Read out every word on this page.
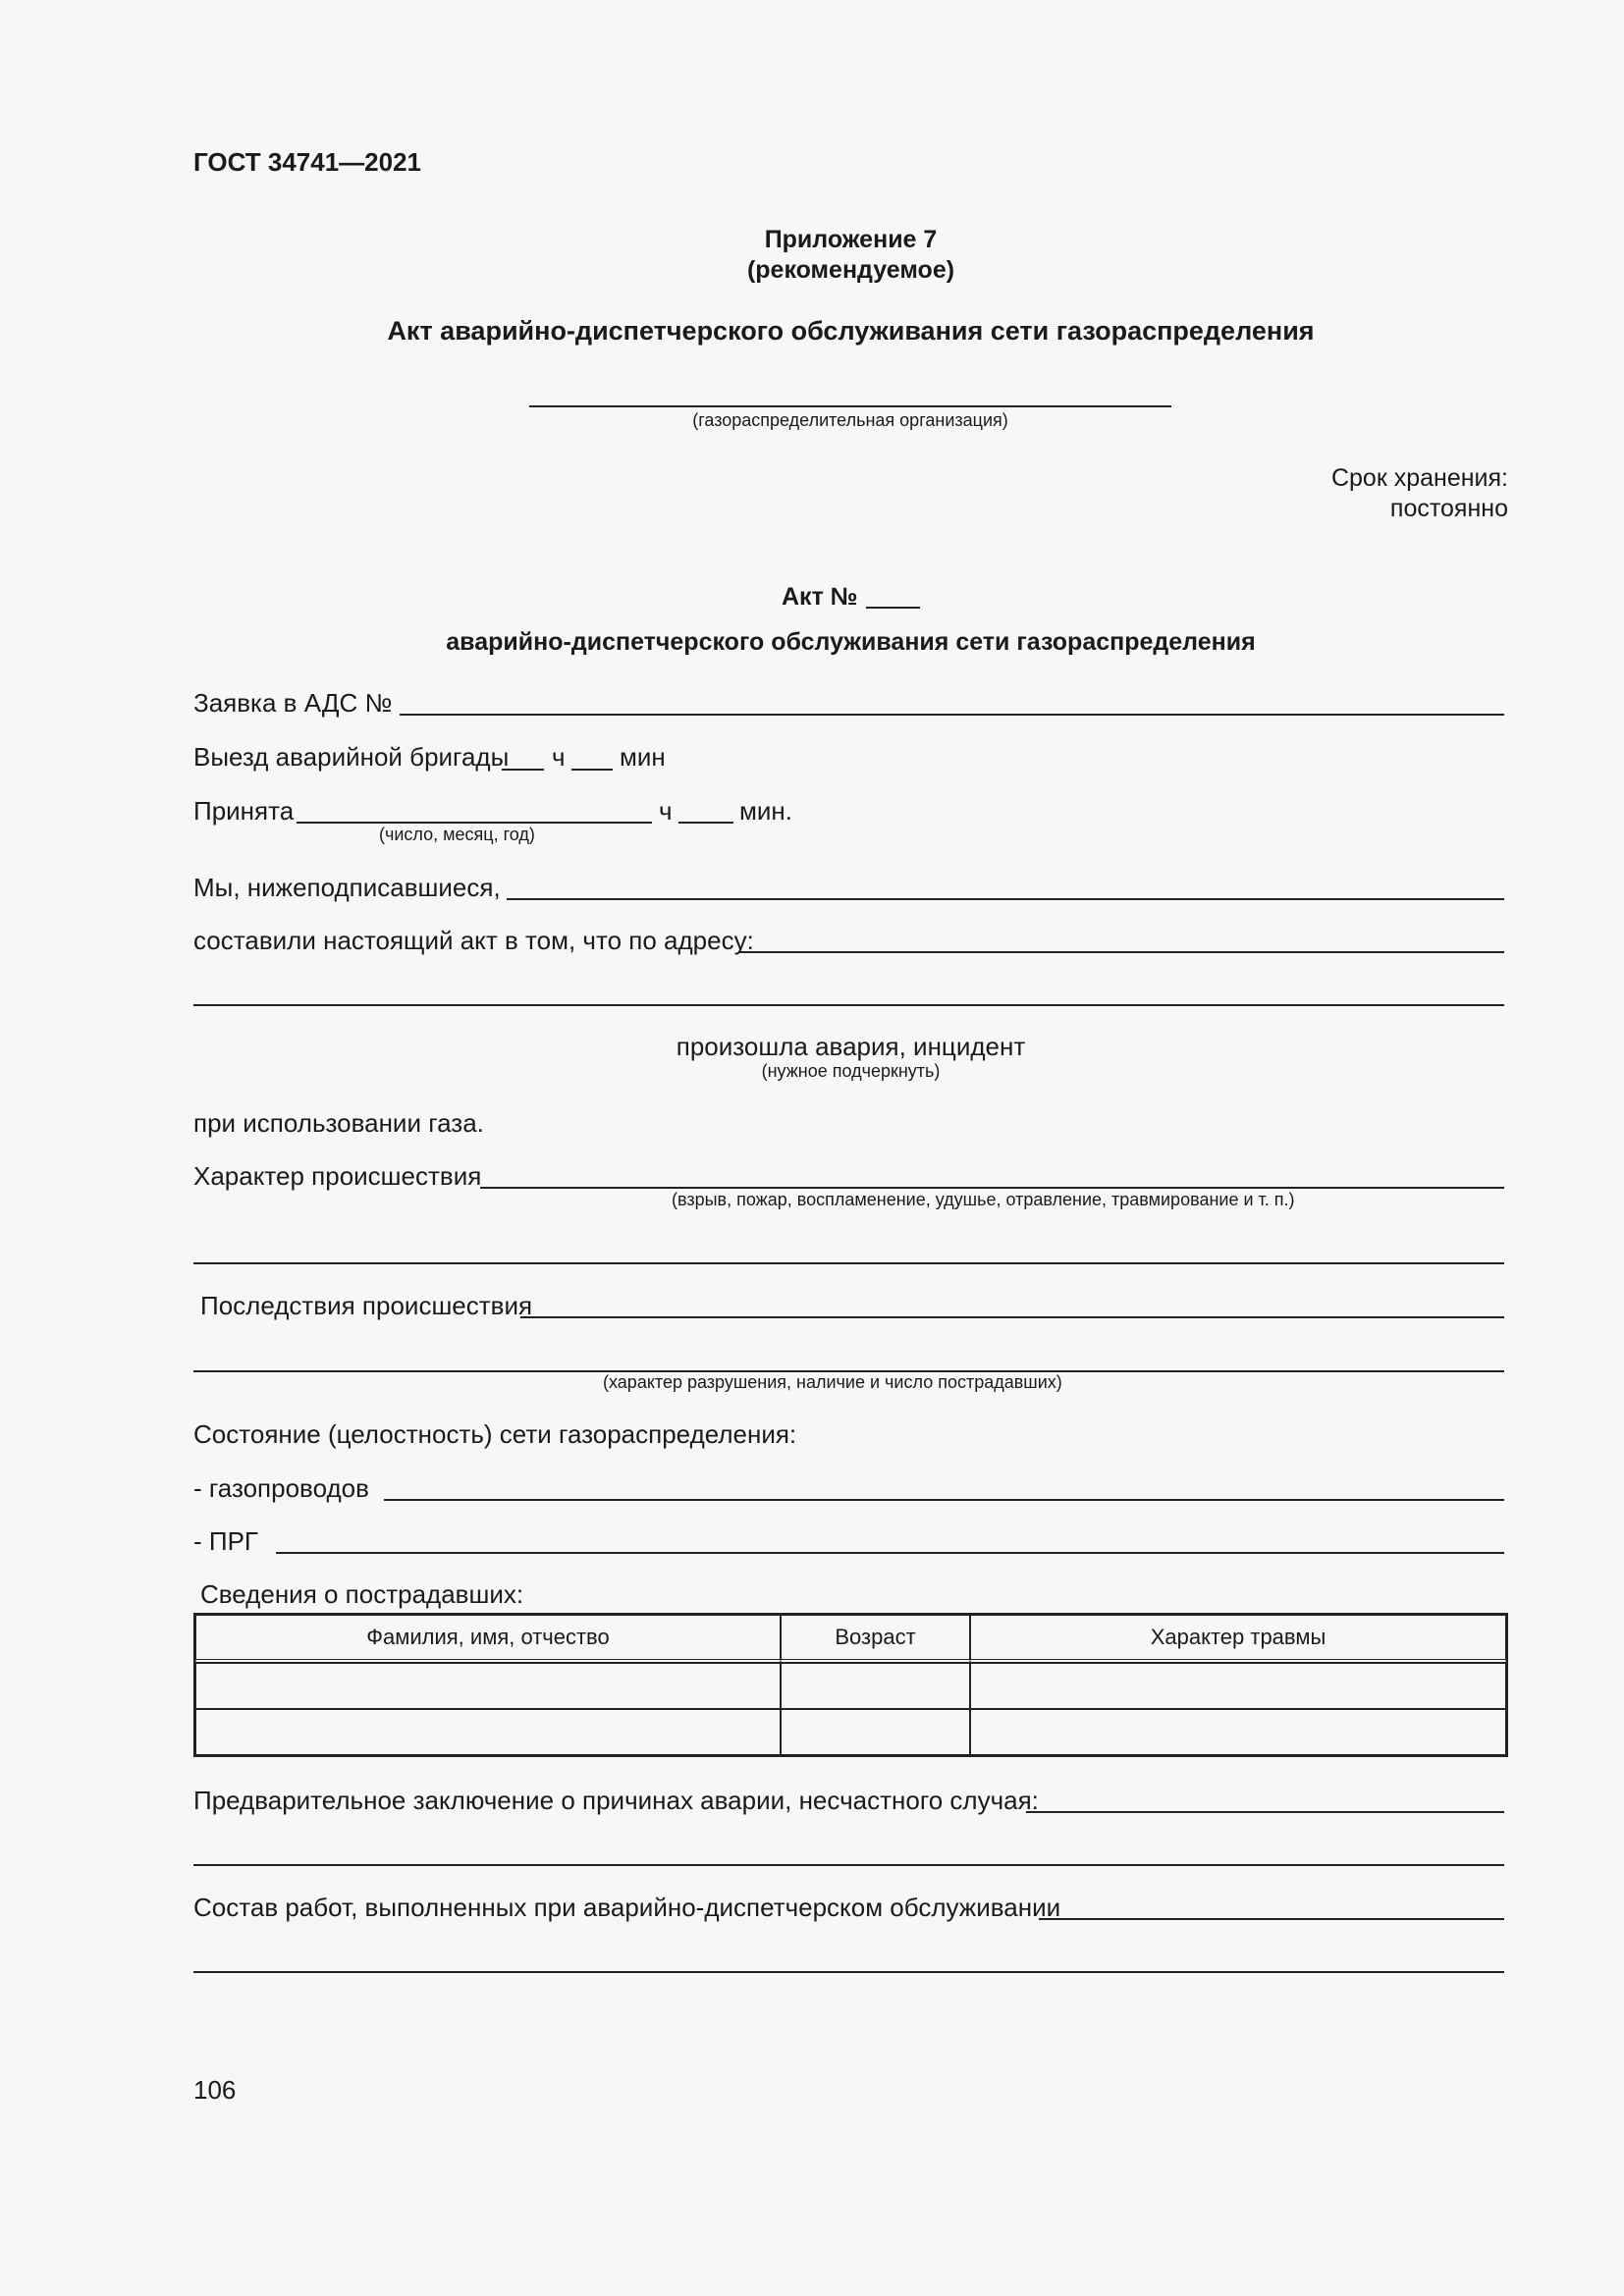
ГОСТ 34741—2021
Приложение 7
(рекомендуемое)
Акт аварийно-диспетчерского обслуживания сети газораспределения
(газораспределительная организация)
Срок хранения:
постоянно
Акт №
аварийно-диспетчерского обслуживания сети газораспределения
Заявка в АДС №
Выезд аварийной бригады ч мин
Принята	ч	мин.
(число, месяц, год)
Мы, нижеподписавшиеся,
составили настоящий акт в том, что по адресу:
произошла авария, инцидент
(нужное подчеркнуть)
при использовании газа.
Характер происшествия
(взрыв, пожар, воспламенение, удушье, отравление, травмирование и т. п.)
Последствия происшествия
(характер разрушения, наличие и число пострадавших)
Состояние (целостность) сети газораспределения:
- газопроводов
- ПРГ
Сведения о пострадавших:
Фамилия, имя, отчество	Возраст	Характер травмы

Предварительное заключение о причинах аварии, несчастного случая:
Состав работ, выполненных при аварийно-диспетчерском обслуживании
106
